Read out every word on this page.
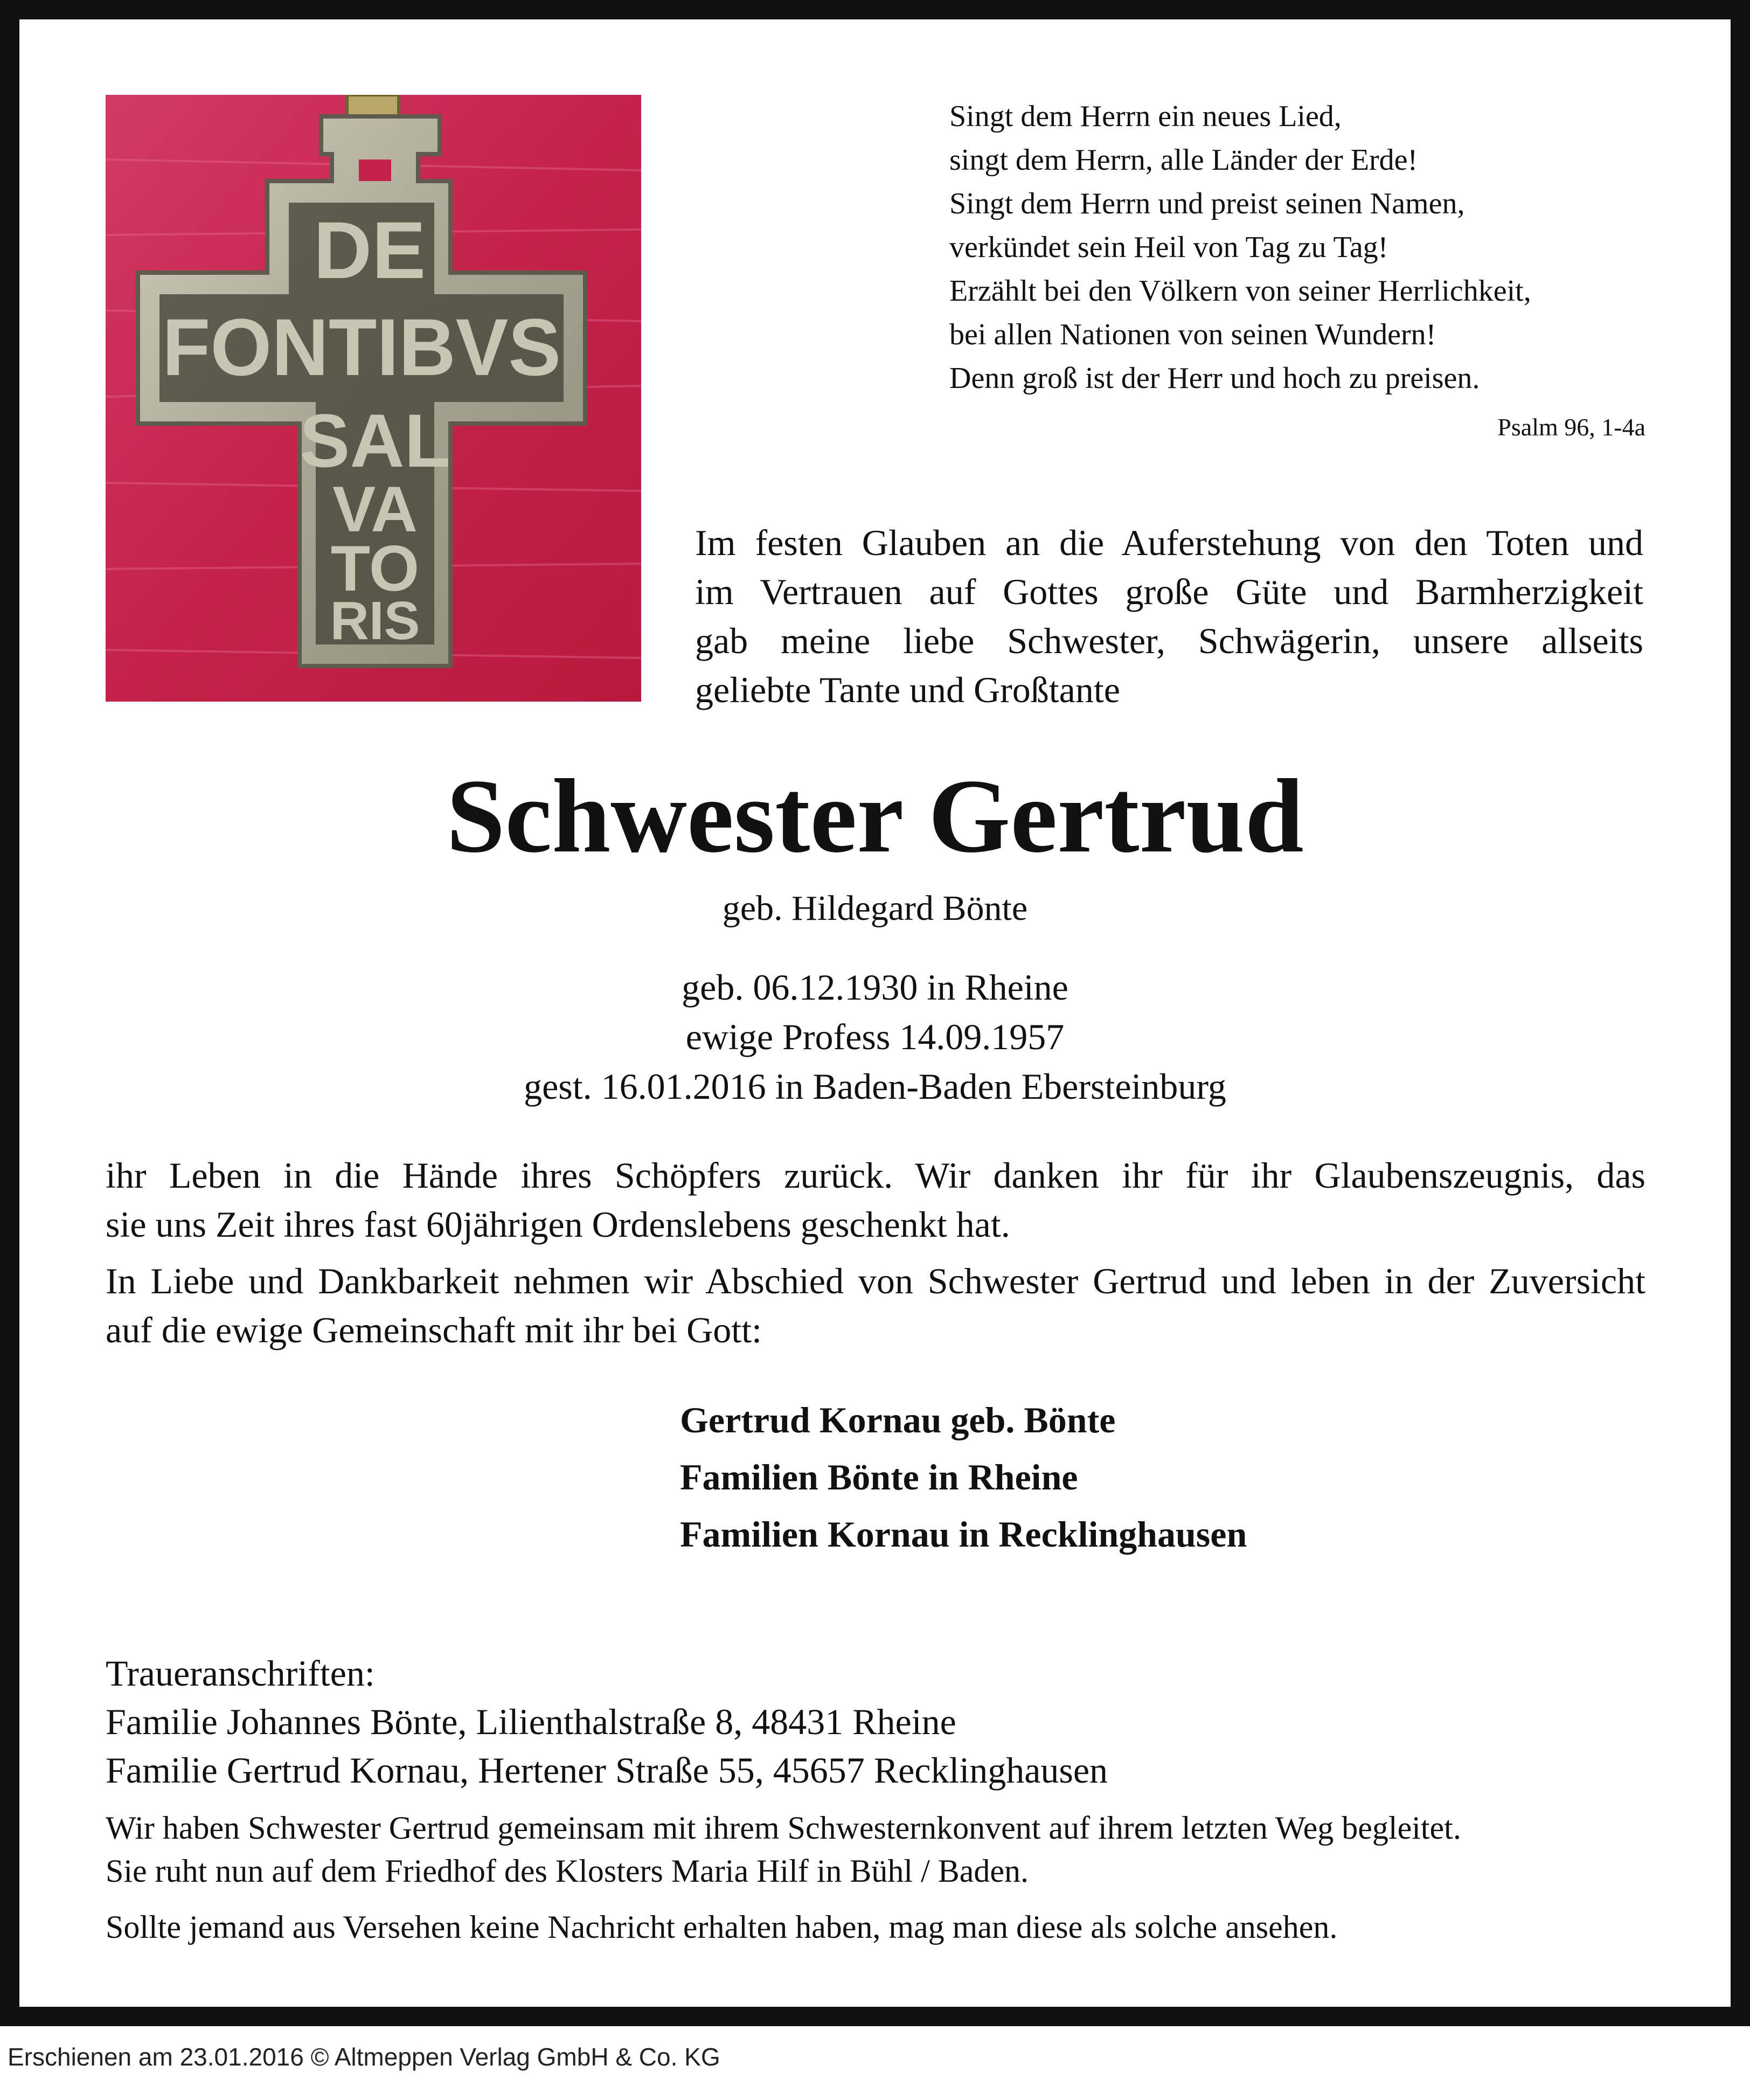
DE
FONTIBVS
SAL
VA
TO
RIS
Singt dem Herrn ein neues Lied,
singt dem Herrn, alle Länder der Erde!
Singt dem Herrn und preist seinen Namen,
verkündet sein Heil von Tag zu Tag!
Erzählt bei den Völkern von seiner Herrlichkeit,
bei allen Nationen von seinen Wundern!
Denn groß ist der Herr und hoch zu preisen.
Psalm 96, 1-4a
Im festen Glauben an die Auferstehung von den Toten und
im Vertrauen auf Gottes große Güte und Barmherzigkeit
gab meine liebe Schwester, Schwägerin, unsere allseits
geliebte Tante und Großtante
Schwester Gertrud
geb. Hildegard Bönte
geb. 06.12.1930 in Rheine
ewige Profess 14.09.1957
gest. 16.01.2016 in Baden-Baden Ebersteinburg

ihr Leben in die Hände ihres Schöpfers zurück. Wir danken ihr für ihr Glaubenszeugnis, das
sie uns Zeit ihres fast 60jährigen Ordenslebens geschenkt hat.

In Liebe und Dankbarkeit nehmen wir Abschied von Schwester Gertrud und leben in der Zuversicht
auf die ewige Gemeinschaft mit ihr bei Gott:

Gertrud Kornau geb. Bönte
Familien Bönte in Rheine
Familien Kornau in Recklinghausen
Traueranschriften:
Familie Johannes Bönte, Lilienthalstraße 8, 48431 Rheine
Familie Gertrud Kornau, Hertener Straße 55, 45657 Recklinghausen

Wir haben Schwester Gertrud gemeinsam mit ihrem Schwesternkonvent auf ihrem letzten Weg begleitet.
Sie ruht nun auf dem Friedhof des Klosters Maria Hilf in Bühl / Baden.

Sollte jemand aus Versehen keine Nachricht erhalten haben, mag man diese als solche ansehen.

Erschienen am 23.01.2016 © Altmeppen Verlag GmbH & Co. KG
